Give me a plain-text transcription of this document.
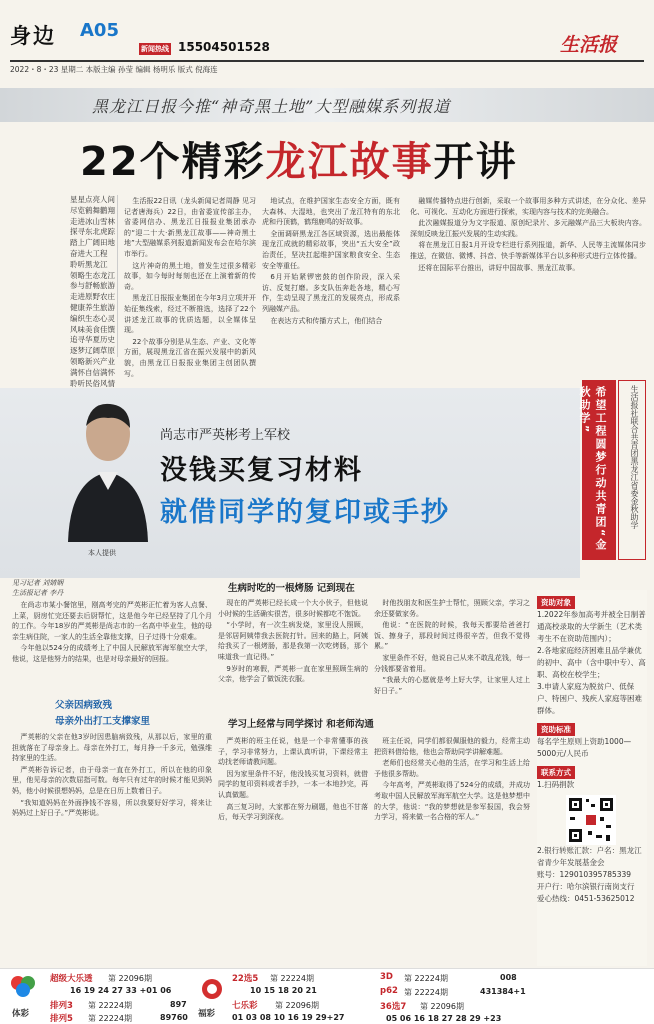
身边 A05
新闻热线 15504501528	生活报
2022・8・23 星期二 本版主编 孙莹 编辑 杨明乐 版式 倪海连
黑龙江日报今推“神奇黑土地”大型融媒系列报道
22个精彩龙江故事开讲
星星点亮人间
尽览鹤舞鹳翔
走进冰山雪林
探寻东北虎踪
踏上广阔田地
奋进大工程
聆听黑龙江
领略生态龙江
参与舒畅旅游
走进原野农庄
健康养生旅游
编织生态心灵
风味美食佳馔
追寻华夏历史
逐梦辽阔草原
领略新兴产业
满怀自信满怀
聆听民俗风情

生活报22日讯（龙头新闻记者周静 见习记者唐海兵）22日，由省委宣传部主办，省委网信办、黑龙江日报报业集团承办的“迎二十大·新黑龙江故事——神奇黑土地”大型融媒系列报道新闻发布会在哈尔滨市举行。

这片神奇的黑土地，曾发生过很多精彩故事，如今每时每刻也还在上演着新的传奇。

黑龙江日报报业集团在今年3月立项并开始征集线索，经过不断推选，选择了22个讲述龙江故事的优质选题，以全媒体呈现。

22个故事分别是从生态、产业、文化等方面，展现黑龙江省在振兴发展中的新风貌，由黑龙江日报报业集团主创团队撰写。

地试点，在维护国家生态安全方面，既有大森林、大湿地，也突出了龙江特有的东北虎和丹顶鹤，鹤翔鹿鸣的好故事。

全面调研黑龙江各区域资源，选出最能体现龙江成就的精彩故事，突出“五大安全”政治责任，坚决扛起维护国家粮食安全、生态安全等重任。

6月开始紧锣密鼓的创作阶段，深入采访、反复打磨。多支队伍奔赴各地，精心写作，生动呈现了黑龙江的发展亮点，形成系列融媒产品。

在表达方式和传播方式上，他们结合

融媒传播特点进行创新，采取一个故事用多种方式讲述，在分众化、差异化、可视化、互动化方面进行探索，实现内容与技术的完美融合。

此次融媒报道分为文字报道、原创纪录片、多元融媒产品三大板块内容。深刻反映龙江振兴发展的生动实践。

将在黑龙江日报1月开设专栏进行系列报道，新华、人民等主流媒体同步推送，在微信、微博、抖音、快手等新媒体平台以多种形式进行立体传播。

还将在国际平台推出，讲好中国故事、黑龙江故事。

本人提供
尚志市严英彬考上军校
没钱买复习材料
就借同学的复印或手抄	希望工程圆梦行动共青团“金秋助学”	生活报社联合共青团黑龙江省委金秋助学
见习记者 刘婧娴
生活报记者 李丹

在尚志市某小餐馆里，刚高考完的严英彬正忙着为客人点餐、上菜，厨房忙完还要去后厨帮忙，这是他今年已经坚持了几个月的工作。今年18岁的严英彬是尚志市的一名高中毕业生，他的母亲生病住院，一家人的生活全靠他支撑，日子过得十分艰难。

今年他以524分的成绩考上了中国人民解放军海军航空大学，他说，这是他努力的结果，也是对母亲最好的回报。

父亲因病致残
母亲外出打工支撑家里

严英彬的父亲在他3岁时因患脑病致残，从那以后，家里的重担就落在了母亲身上。母亲在外打工，每月挣一千多元，勉强维持家里的生活。

严英彬告诉记者，由于母亲一直在外打工，所以在他的印象里，他见母亲的次数屈指可数。每年只有过年的时候才能见到妈妈，他小时候很想妈妈，总是在日历上数着日子。

“我知道妈妈在外面挣钱不容易，所以我要好好学习，将来让妈妈过上好日子。”严英彬说。

生病时吃的一根烤肠 记到现在

现在的严英彬已经长成一个大小伙子，但他说小时候的生活确实很苦，很多时候都吃不饱饭。

“小学时，有一次生病发烧，家里没人照顾，是邻居阿姨带我去医院打针。回来的路上，阿姨给我买了一根烤肠，那是我第一次吃烤肠，那个味道我一直记得。”

9岁时的寒假，严英彬一直在家里照顾生病的父亲，他学会了做饭洗衣服。

时他找朋友和医生护士帮忙，照顾父亲，学习之余还要做家务。

他说：“在医院的时候，我每天都要给爸爸打饭、擦身子，那段时间过得很辛苦，但我不觉得累。”

家里条件不好，他说自己从来不敢乱花钱，每一分钱都要省着用。

“我最大的心愿就是考上好大学，让家里人过上好日子。”

学习上经常与同学探讨 和老师沟通

严英彬的班主任说，他是一个非常懂事的孩子，学习非常努力，上课认真听讲，下课经常主动找老师请教问题。

因为家里条件不好，他没钱买复习资料，就借同学的复印资料或者手抄，一本一本地抄完，再认真做题。

高三复习时，大家都在努力刷题，他也不甘落后，每天学习到深夜。

班主任说，同学们都很佩服他的毅力，经常主动把资料借给他，他也会帮助同学讲解难题。

老师们也经常关心他的生活，在学习和生活上给予他很多帮助。

今年高考，严英彬取得了524分的成绩，并成功考取中国人民解放军海军航空大学。这是他梦想中的大学，他说：“我的梦想就是参军报国，我会努力学习，将来做一名合格的军人。”

资助对象

1.2022年参加高考并被全日制普通高校录取的大学新生（艺术类考生不在资助范围内）；

2.各地家庭经济困难且品学兼优的初中、高中（含中职中专）、高职、高校在校学生；

3.申请人家庭为脱贫户、低保户、特困户、残疾人家庭等困难群体。

资助标准

每名学生原则上资助1000—5000元/人民币

联系方式

1.扫码捐款

2.银行转账汇款：户名：黑龙江省青少年发展基金会

账号：129010395785339

开户行：哈尔滨银行南岗支行

爱心热线：0451-53625012

体彩
超级大乐透 第 22096期
16 19 24 27 33 +01 06
排列3 第 22224期	897
排列5 第 22224期	89760 福彩
22选5 第 22224期
10 15 18 20 21
七乐彩 第 22096期
01 03 08 10 16 19 29+27
3D 第 22224期	008
p62 第 22224期	431384+1
36选7 第 22096期
05 06 16 18 27 28 29 +23
